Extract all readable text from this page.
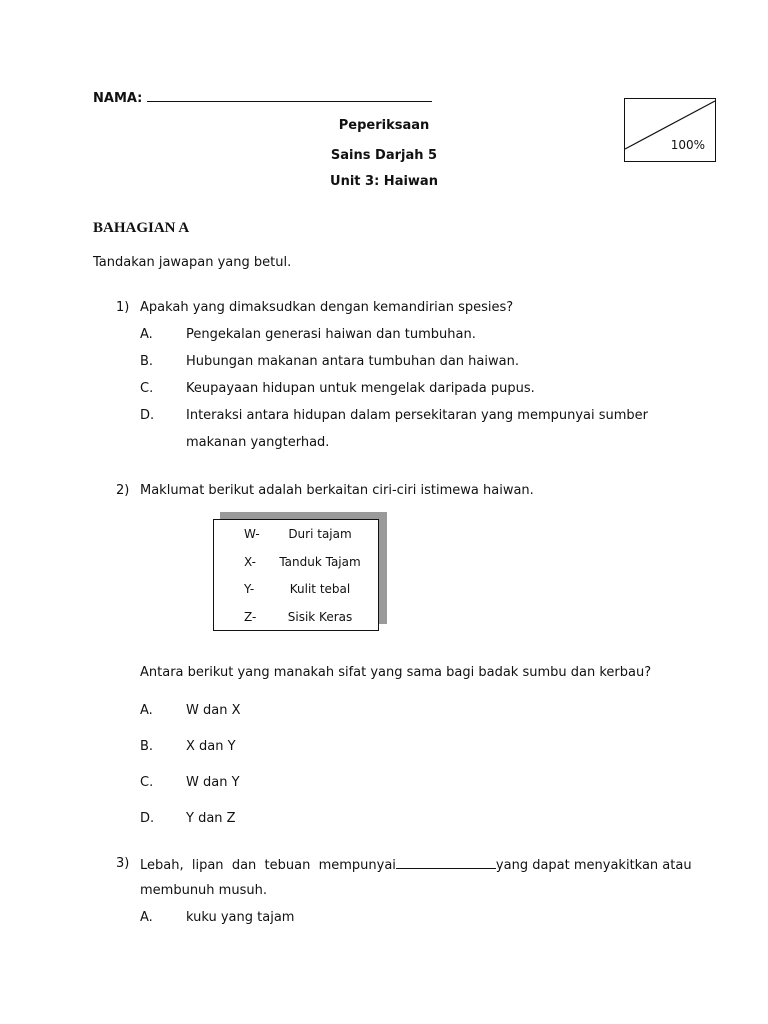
NAMA:
Peperiksaan
Sains Darjah 5
Unit 3: Haiwan
100%
BAHAGIAN A
Tandakan jawapan yang betul.
1) Apakah yang dimaksudkan dengan kemandirian spesies?
A.	Pengekalan generasi haiwan dan tumbuhan.
B.	Hubungan makanan antara tumbuhan dan haiwan.
C.	Keupayaan hidupan untuk mengelak daripada pupus.
D. Interaksi antara hidupan dalam persekitaran yang mempunyai sumber
makanan yangterhad.
2) Maklumat berikut adalah berkaitan ciri-ciri istimewa haiwan.
W-	Duri tajam
X-	Tanduk Tajam
Y-	Kulit tebal
Z-	Sisik Keras
Antara berikut yang manakah sifat yang sama bagi badak sumbu dan kerbau?
A.	W dan X
B.	X dan Y
C.	W dan Y
D. Y dan Z
3) Lebah,  lipan  dan  tebuan  mempunyai	yang dapat menyakitkan atau
membunuh musuh.
A.	kuku yang tajam
